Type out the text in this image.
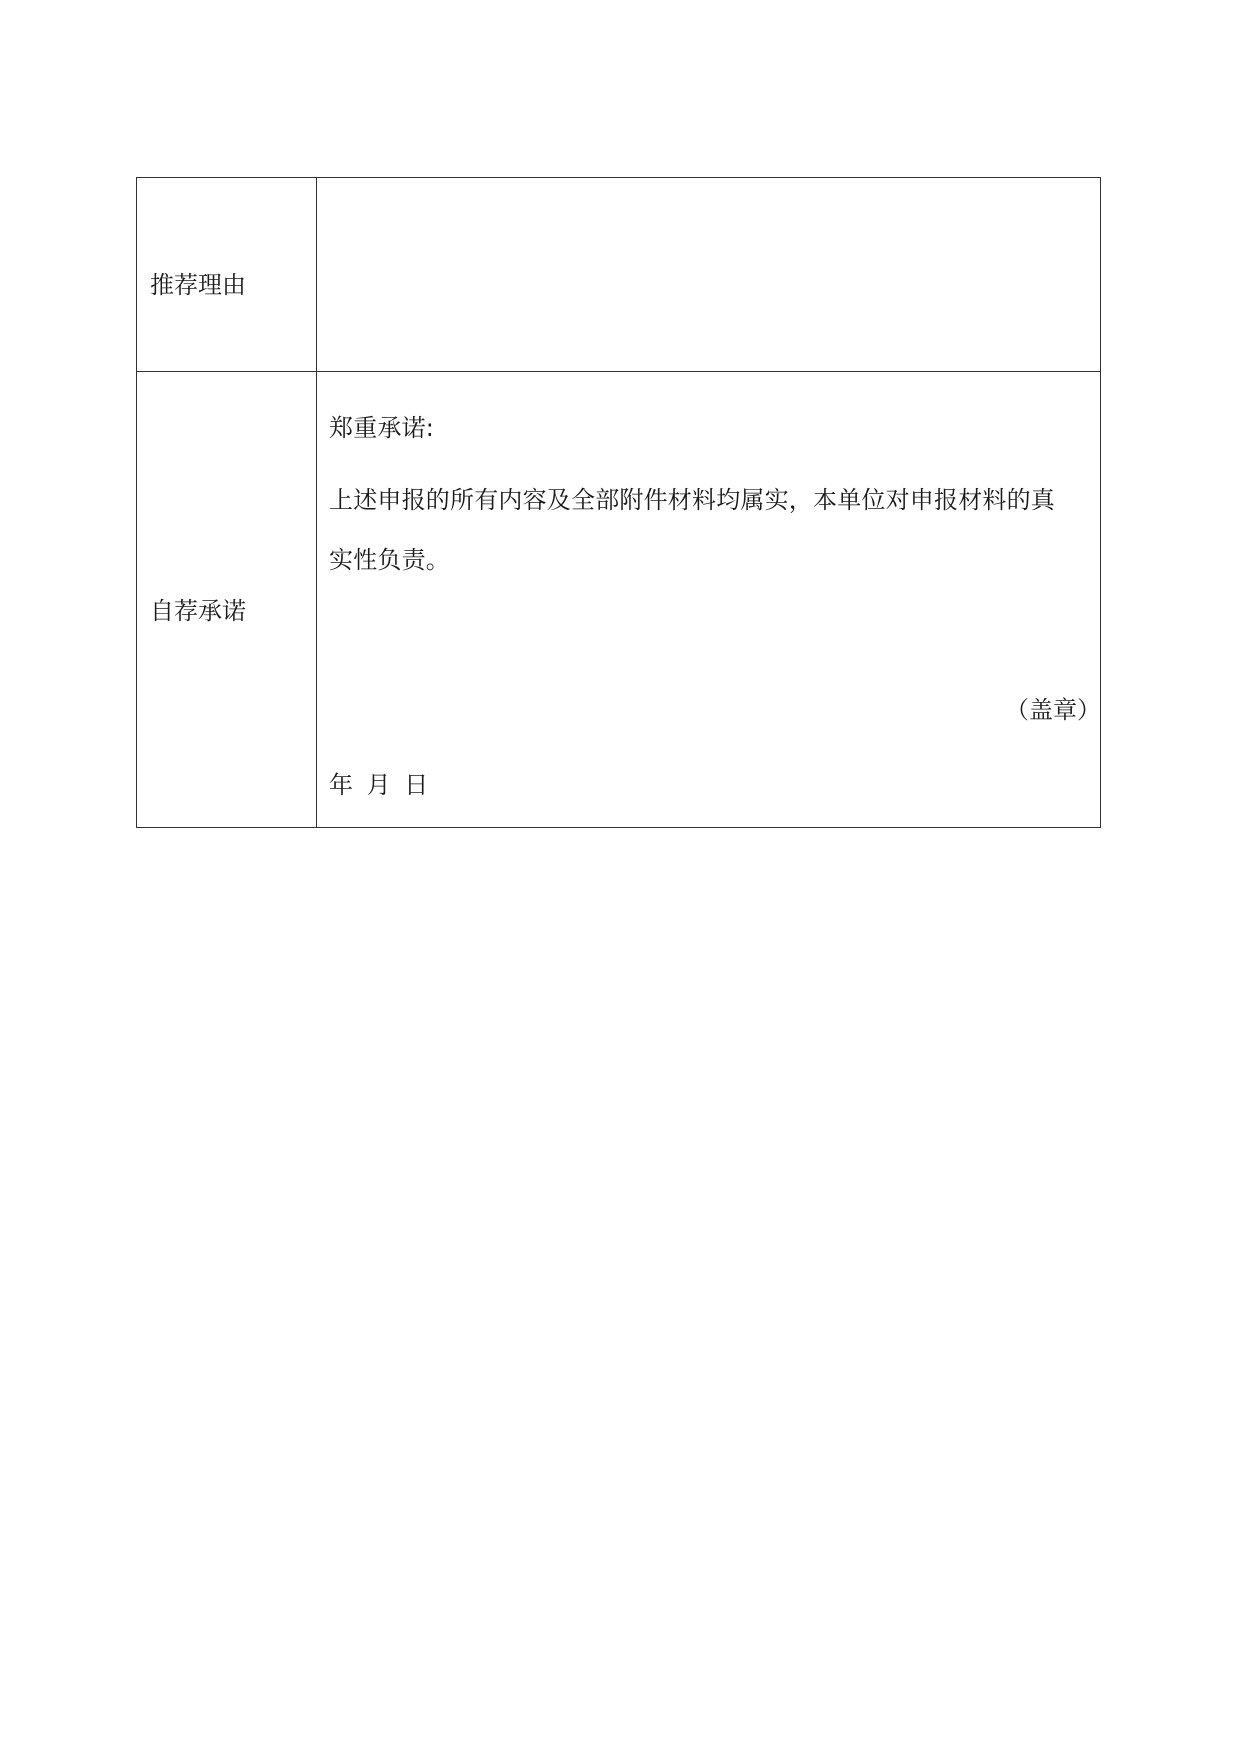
推荐理由
自荐承诺
郑重承诺:
上述申报的所有内容及全部附件材料均属实，本单位对申报材料的真
实性负责。
（盖章）
年 月 日
